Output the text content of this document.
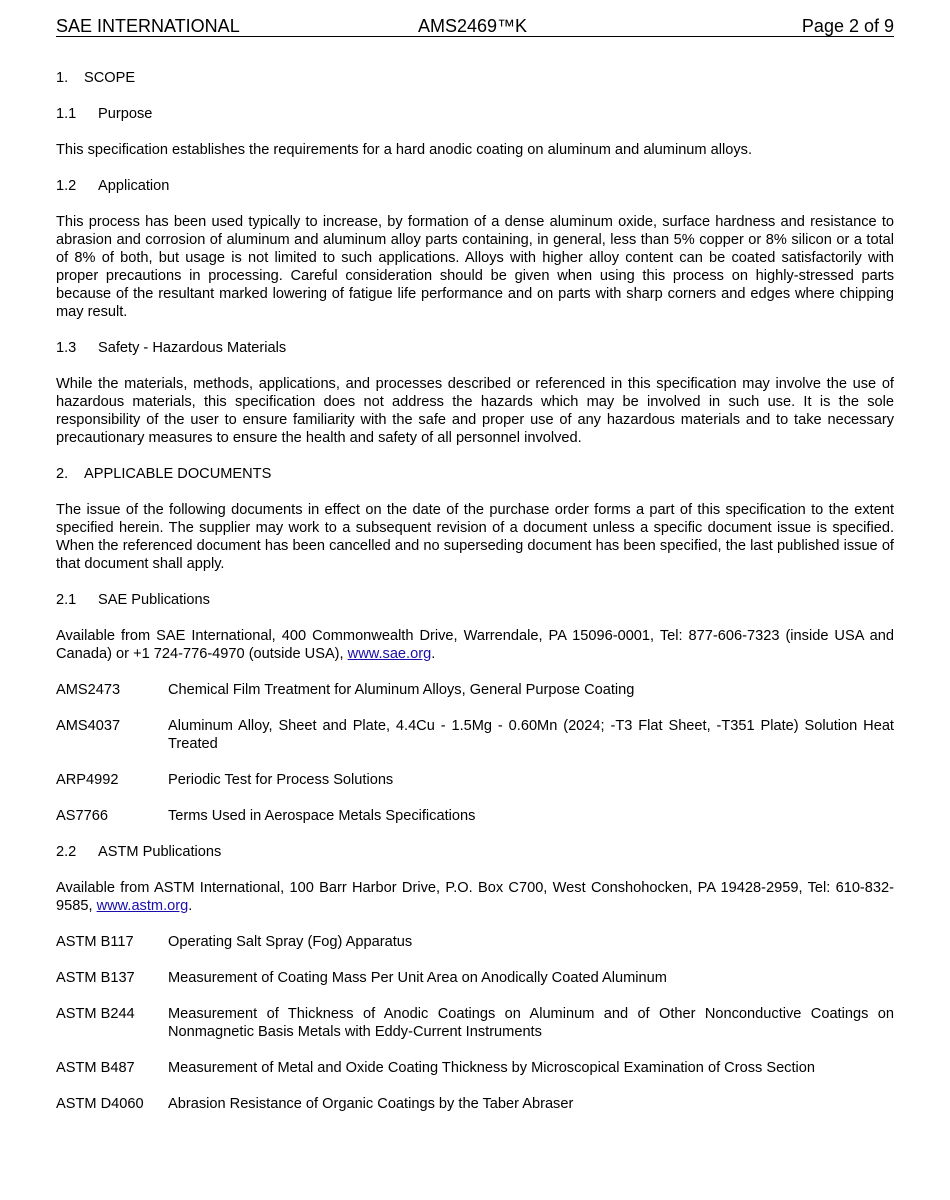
SAE INTERNATIONAL	AMS2469™K	Page 2 of 9

1. SCOPE

1.1 Purpose

This specification establishes the requirements for a hard anodic coating on aluminum and aluminum alloys.

1.2 Application

This process has been used typically to increase, by formation of a dense aluminum oxide, surface hardness and resistance to abrasion and corrosion of aluminum and aluminum alloy parts containing, in general, less than 5% copper or 8% silicon or a total of 8% of both, but usage is not limited to such applications. Alloys with higher alloy content can be coated satisfactorily with proper precautions in processing. Careful consideration should be given when using this process on highly-stressed parts because of the resultant marked lowering of fatigue life performance and on parts with sharp corners and edges where chipping may result.

1.3 Safety - Hazardous Materials

While the materials, methods, applications, and processes described or referenced in this specification may involve the use of hazardous materials, this specification does not address the hazards which may be involved in such use. It is the sole responsibility of the user to ensure familiarity with the safe and proper use of any hazardous materials and to take necessary precautionary measures to ensure the health and safety of all personnel involved.

2. APPLICABLE DOCUMENTS

The issue of the following documents in effect on the date of the purchase order forms a part of this specification to the extent specified herein. The supplier may work to a subsequent revision of a document unless a specific document issue is specified. When the referenced document has been cancelled and no superseding document has been specified, the last published issue of that document shall apply.

2.1 SAE Publications

Available from SAE International, 400 Commonwealth Drive, Warrendale, PA 15096-0001, Tel: 877-606-7323 (inside USA and Canada) or +1 724-776-4970 (outside USA), www.sae.org.

AMS2473	Chemical Film Treatment for Aluminum Alloys, General Purpose Coating
AMS4037	Aluminum Alloy, Sheet and Plate, 4.4Cu - 1.5Mg - 0.60Mn (2024; -T3 Flat Sheet, -T351 Plate) Solution Heat Treated
ARP4992	Periodic Test for Process Solutions
AS7766	Terms Used in Aerospace Metals Specifications

2.2 ASTM Publications

Available from ASTM International, 100 Barr Harbor Drive, P.O. Box C700, West Conshohocken, PA 19428-2959, Tel: 610-832-9585, www.astm.org.

ASTM B117	Operating Salt Spray (Fog) Apparatus
ASTM B137	Measurement of Coating Mass Per Unit Area on Anodically Coated Aluminum
ASTM B244	Measurement of Thickness of Anodic Coatings on Aluminum and of Other Nonconductive Coatings on Nonmagnetic Basis Metals with Eddy-Current Instruments
ASTM B487	Measurement of Metal and Oxide Coating Thickness by Microscopical Examination of Cross Section
ASTM D4060	Abrasion Resistance of Organic Coatings by the Taber Abraser
